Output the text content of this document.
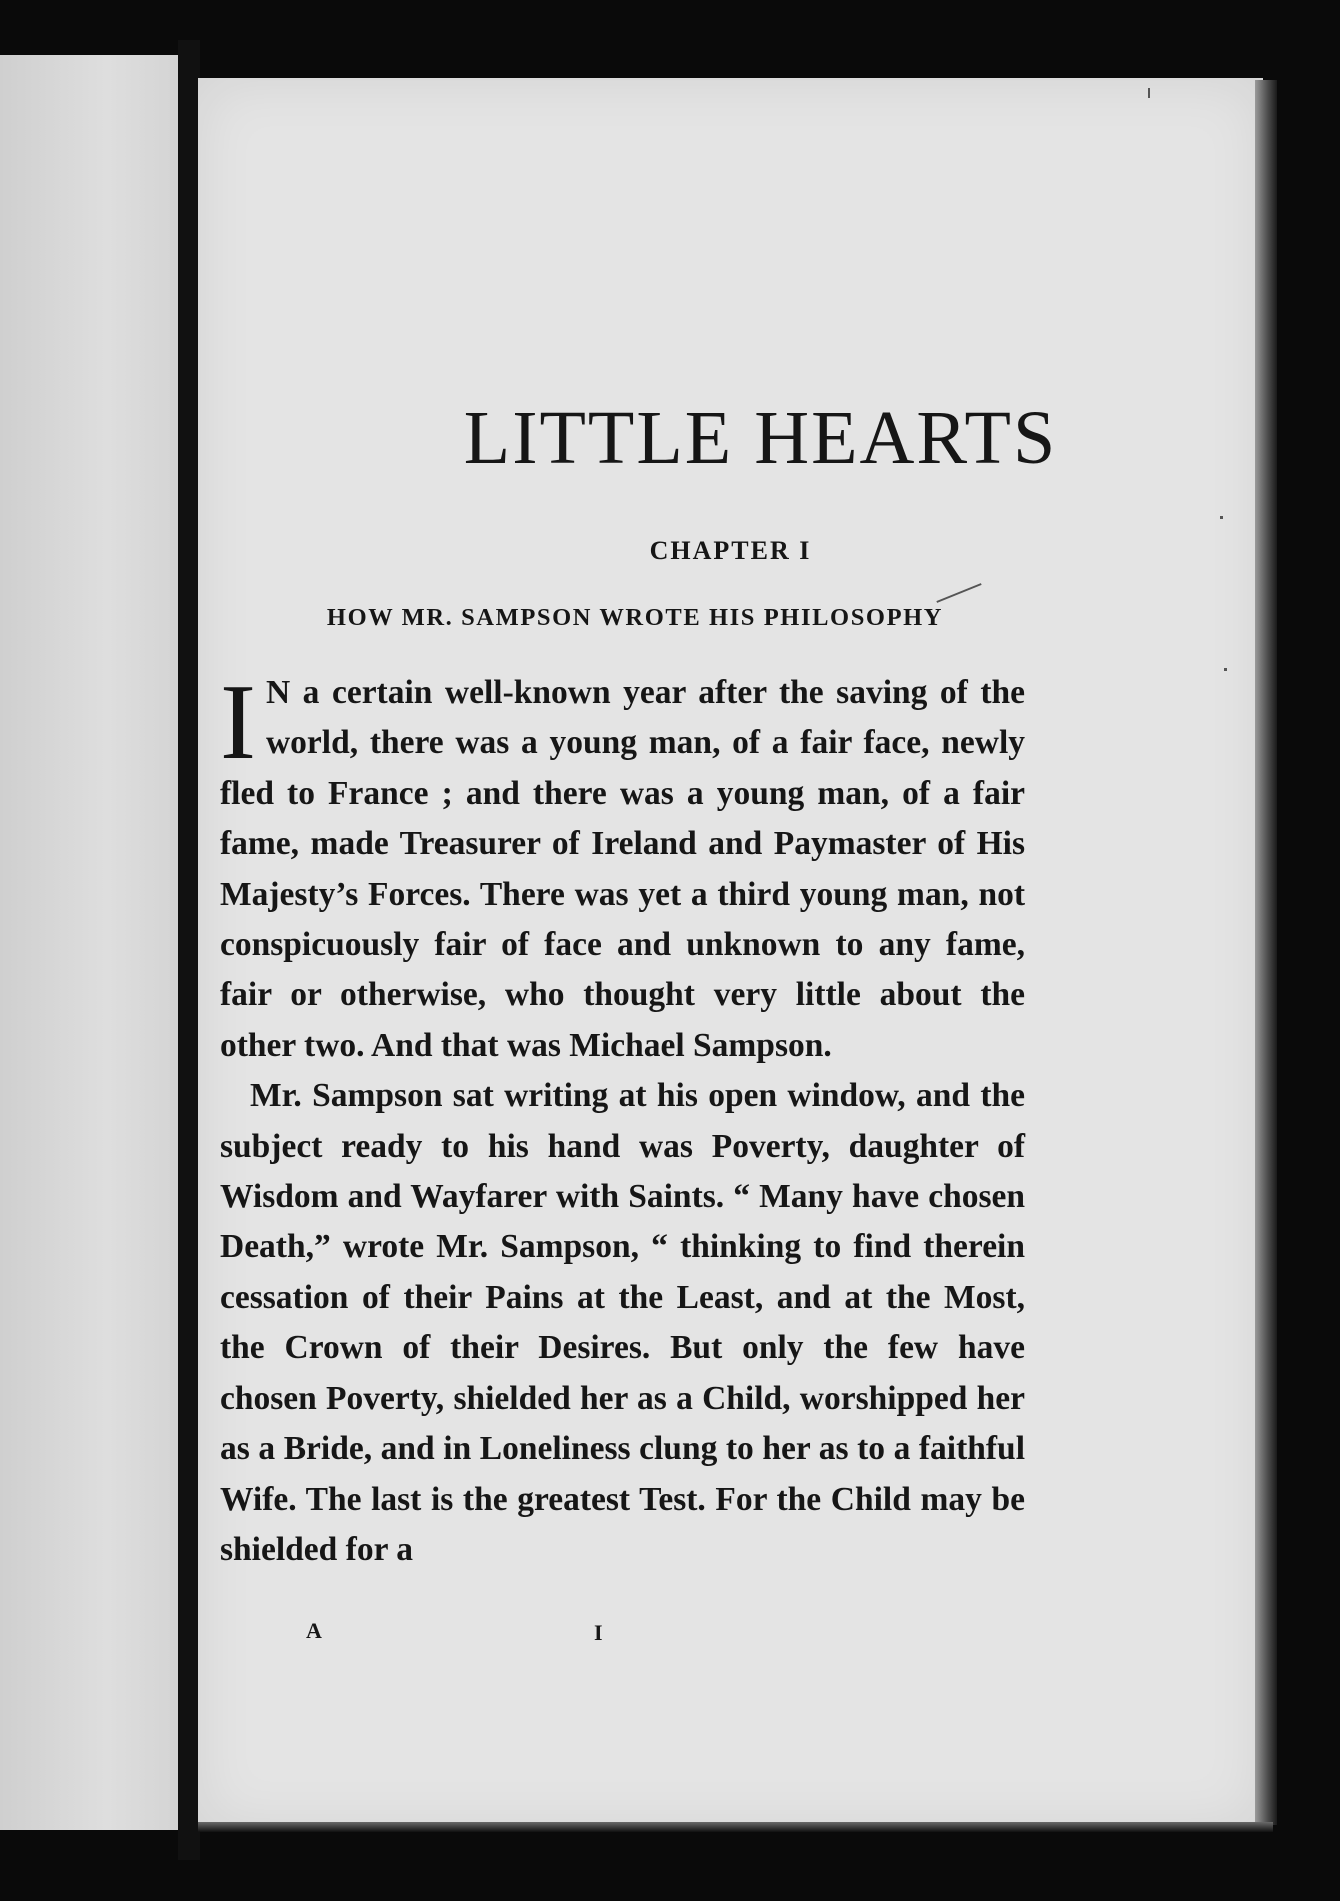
LITTLE HEARTS
CHAPTER I
HOW MR. SAMPSON WROTE HIS PHILOSOPHY

I N a certain well-known year after the saving of the world, there was a young man, of a fair face, newly fled to France ; and there was a young man, of a fair fame, made Treasurer of Ireland and Paymaster of His Majesty’s Forces. There was yet a third young man, not conspicuously fair of face and unknown to any fame, fair or otherwise, who thought very little about the other two. And that was Michael Sampson.

Mr. Sampson sat writing at his open window, and the subject ready to his hand was Poverty, daughter of Wisdom and Wayfarer with Saints. “ Many have chosen Death,” wrote Mr. Sampson, “ thinking to find therein cessation of their Pains at the Least, and at the Most, the Crown of their Desires. But only the few have chosen Poverty, shielded her as a Child, worshipped her as a Bride, and in Loneliness clung to her as to a faithful Wife. The last is the greatest Test. For the Child may be shielded for a

A	I
